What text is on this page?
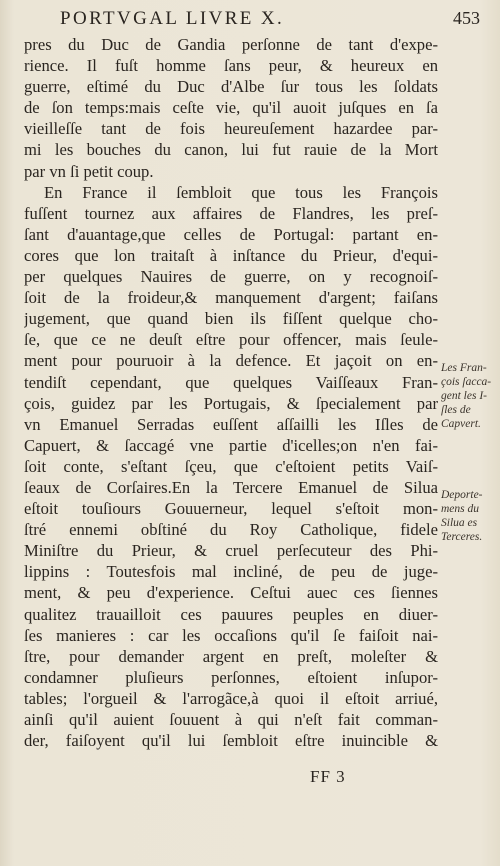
PORTVGAL LIVRE X.	453
pres du Duc de Gandia perſonne de tant d'expe-
rience. Il fuſt homme ſans peur, & heureux en
guerre, eſtimé du Duc d'Albe ſur tous les ſoldats
de ſon temps:mais ceſte vie, qu'il auoit juſques en ſa
vieilleſſe tant de fois heureuſement hazardee par-
mi les bouches du canon, lui fut rauie de la Mort
par vn ſi petit coup.
En France il ſembloit que tous les François
fuſſent tournez aux affaires de Flandres, les preſ-
ſant d'auantage,que celles de Portugal: partant en-
cores que lon traitaſt à inſtance du Prieur, d'equi-
per quelques Nauires de guerre, on y recognoiſ-
ſoit de la froideur,& manquement d'argent; faiſans
jugement, que quand bien ils fiſſent quelque cho-
ſe, que ce ne deuſt eſtre pour offencer, mais ſeule-
ment pour pouruoir à la defence. Et jaçoit on en-
tendiſt cependant, que quelques Vaiſſeaux Fran-
çois, guidez par les Portugais, & ſpecialement par
vn Emanuel Serradas euſſent aſſailli les Iſles de
Capuert, & ſaccagé vne partie d'icelles;on n'en fai-
ſoit conte, s'eſtant ſçeu, que c'eſtoient petits Vaiſ-
ſeaux de Corſaires.En la Tercere Emanuel de Silua
eſtoit touſiours Gouuerneur, lequel s'eſtoit mon-
ſtré ennemi obſtiné du Roy Catholique, fidele
Miniſtre du Prieur, & cruel perſecuteur des Phi-
lippins : Toutesfois mal incliné, de peu de juge-
ment, & peu d'experience. Ceſtui auec ces ſiennes
qualitez trauailloit ces pauures peuples en diuer-
ſes manieres : car les occaſions qu'il ſe faiſoit nai-
ſtre, pour demander argent en preſt, moleſter &
condamner pluſieurs perſonnes, eſtoient inſupor-
tables; l'orgueil & l'arrogãce,à quoi il eſtoit arriué,
ainſi qu'il auient ſouuent à qui n'eſt fait comman-
der, faiſoyent qu'il lui ſembloit eſtre inuincible &
Les Fran-
çois ſacca-
gent les I-
ſles de
Capvert.
Deporte-
mens du
Silua es
Terceres.
FF 3
